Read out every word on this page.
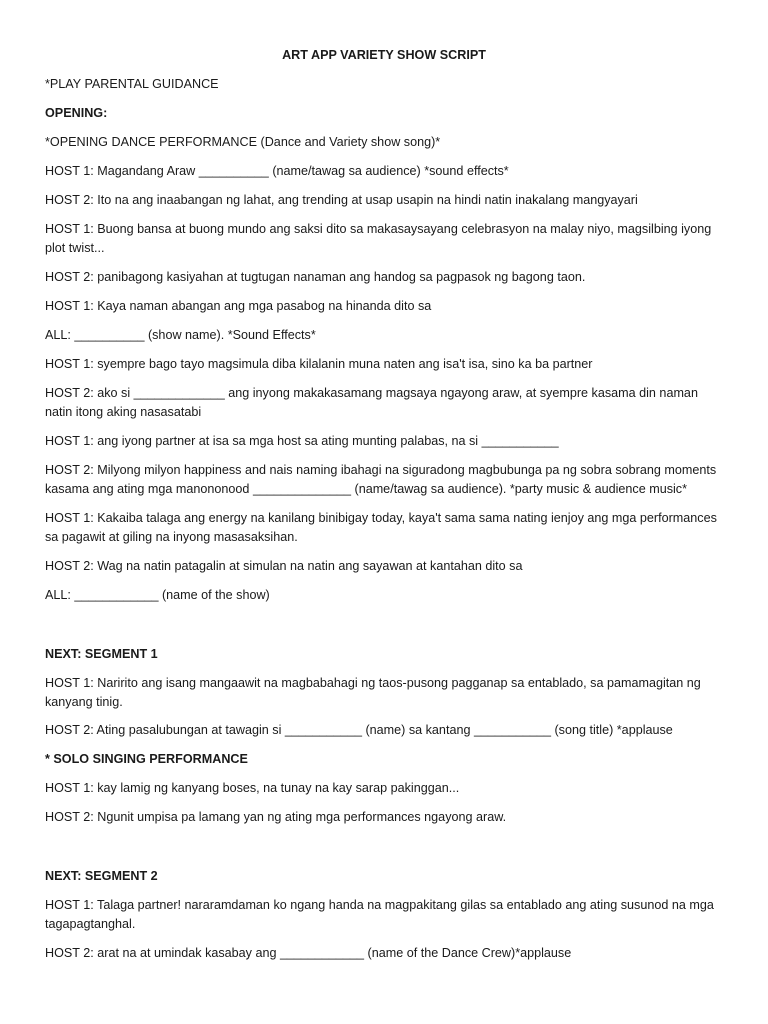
ART APP VARIETY SHOW SCRIPT

*PLAY PARENTAL GUIDANCE

OPENING:

*OPENING DANCE PERFORMANCE (Dance and Variety show song)*

HOST 1: Magandang Araw __________ (name/tawag sa audience) *sound effects*

HOST 2: Ito na ang inaabangan ng lahat, ang trending at usap usapin na hindi natin inakalang mangyayari

HOST 1: Buong bansa at buong mundo ang saksi dito sa makasaysayang celebrasyon na malay niyo, magsilbing iyong plot twist...

HOST 2: panibagong kasiyahan at tugtugan nanaman ang handog sa pagpasok ng bagong taon.

HOST 1: Kaya naman abangan ang mga pasabog na hinanda dito sa

ALL: __________ (show name). *Sound Effects*

HOST 1: syempre bago tayo magsimula diba kilalanin muna naten ang isa't isa, sino ka ba partner

HOST 2: ako si _____________ ang inyong makakasamang magsaya ngayong araw, at syempre kasama din naman natin itong aking nasasatabi

HOST 1: ang iyong partner at isa sa mga host sa ating munting palabas, na si ___________

HOST 2: Milyong milyon happiness and nais naming ibahagi na siguradong magbubunga pa ng sobra sobrang moments kasama ang ating mga manononood ______________ (name/tawag sa audience). *party music & audience music*

HOST 1: Kakaiba talaga ang energy na kanilang binibigay today, kaya't sama sama nating ienjoy ang mga performances sa pagawit at giling na inyong masasaksihan.

HOST 2: Wag na natin patagalin at simulan na natin ang sayawan at kantahan dito sa

ALL: ____________ (name of the show)

NEXT: SEGMENT 1

HOST 1: Naririto ang isang mangaawit na magbabahagi ng taos-pusong pagganap sa entablado, sa pamamagitan ng kanyang tinig.

HOST 2: Ating pasalubungan at tawagin si ___________ (name) sa kantang ___________ (song title) *applause

* SOLO SINGING PERFORMANCE

HOST 1: kay lamig ng kanyang boses, na tunay na kay sarap pakinggan...

HOST 2: Ngunit umpisa pa lamang yan ng ating mga performances ngayong araw.

NEXT: SEGMENT 2

HOST 1: Talaga partner! nararamdaman ko ngang handa na magpakitang gilas sa entablado ang ating susunod na mga tagapagtanghal.

HOST 2: arat na at umindak kasabay ang ____________ (name of the Dance Crew)*applause
